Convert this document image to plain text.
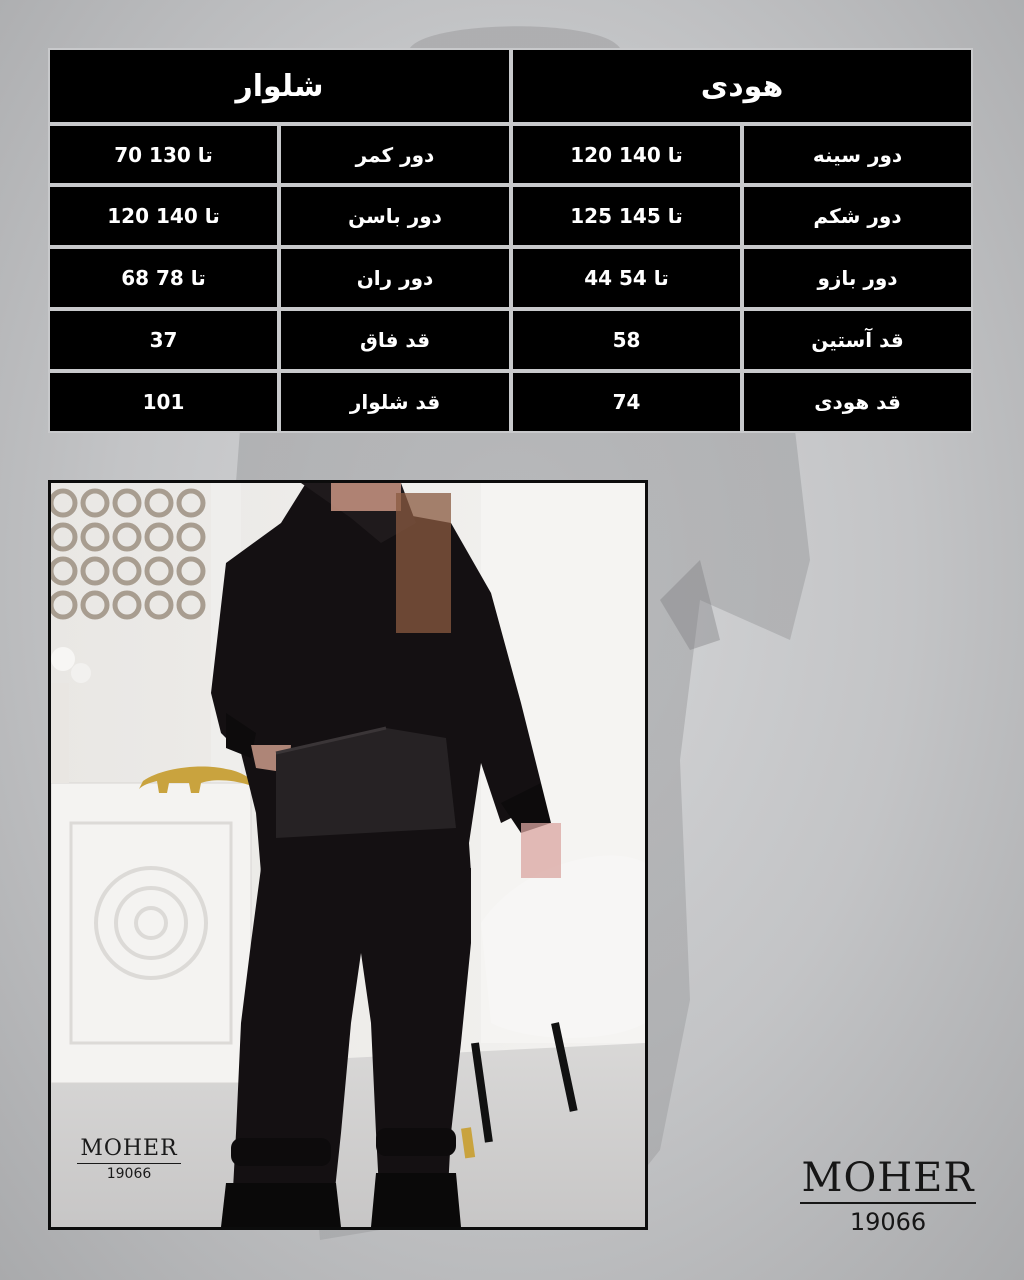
شلوار	هودی
70 تا 130	دور کمر	120 تا 140	دور سینه
120 تا 140	دور باسن	125 تا 145	دور شکم
68 تا 78	دور ران	44 تا 54	دور بازو
37	قد فاق	58	قد آستین
101	قد شلوار	74	قد هودی
MOHER
19066	MOHER
19066
